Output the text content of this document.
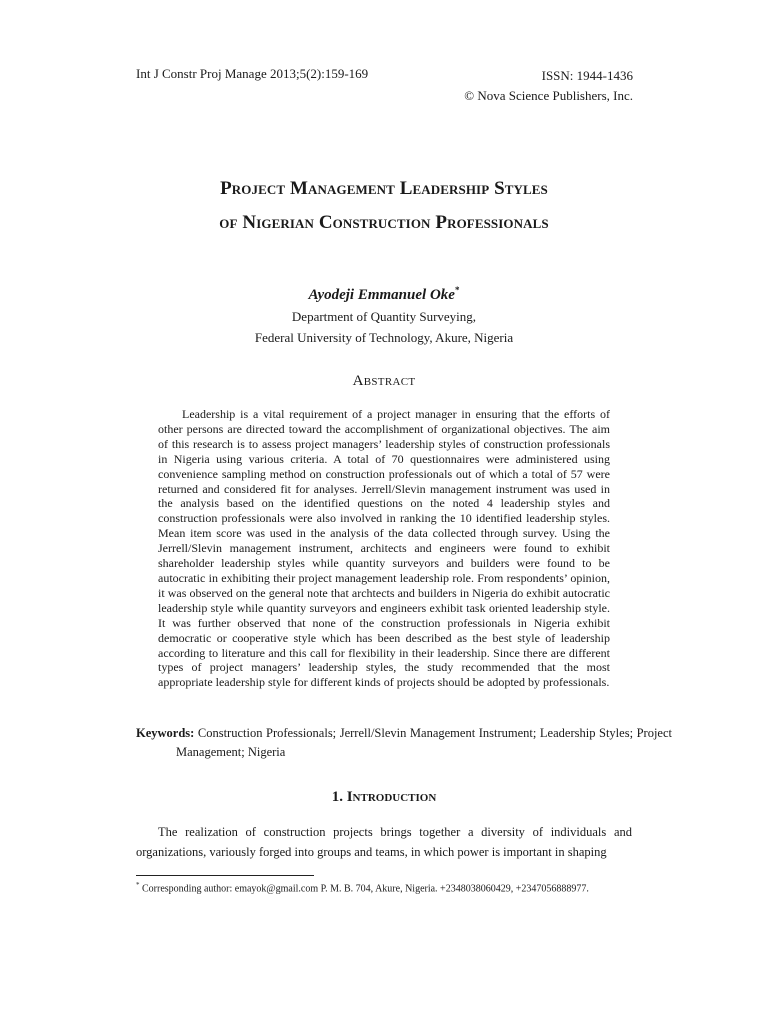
Int J Constr Proj Manage 2013;5(2):159-169	ISSN: 1944-1436
© Nova Science Publishers, Inc.
Project Management Leadership Styles
of Nigerian Construction Professionals
Ayodeji Emmanuel Oke*
Department of Quantity Surveying,
Federal University of Technology, Akure, Nigeria
Abstract
Leadership is a vital requirement of a project manager in ensuring that the efforts of other persons are directed toward the accomplishment of organizational objectives. The aim of this research is to assess project managers’ leadership styles of construction professionals in Nigeria using various criteria. A total of 70 questionnaires were administered using convenience sampling method on construction professionals out of which a total of 57 were returned and considered fit for analyses. Jerrell/Slevin management instrument was used in the analysis based on the identified questions on the noted 4 leadership styles and construction professionals were also involved in ranking the 10 identified leadership styles. Mean item score was used in the analysis of the data collected through survey. Using the Jerrell/Slevin management instrument, architects and engineers were found to exhibit shareholder leadership styles while quantity surveyors and builders were found to be autocratic in exhibiting their project management leadership role. From respondents’ opinion, it was observed on the general note that archtects and builders in Nigeria do exhibit autocratic leadership style while quantity surveyors and engineers exhibit task oriented leadership style. It was further observed that none of the construction professionals in Nigeria exhibit democratic or cooperative style which has been described as the best style of leadership according to literature and this call for flexibility in their leadership. Since there are different types of project managers’ leadership styles, the study recommended that the most appropriate leadership style for different kinds of projects should be adopted by professionals.
Keywords: Construction Professionals; Jerrell/Slevin Management Instrument; Leadership Styles; Project Management; Nigeria
1. Introduction
The realization of construction projects brings together a diversity of individuals and organizations, variously forged into groups and teams, in which power is important in shaping
* Corresponding author: emayok@gmail.com P. M. B. 704, Akure, Nigeria. +2348038060429, +2347056888977.
